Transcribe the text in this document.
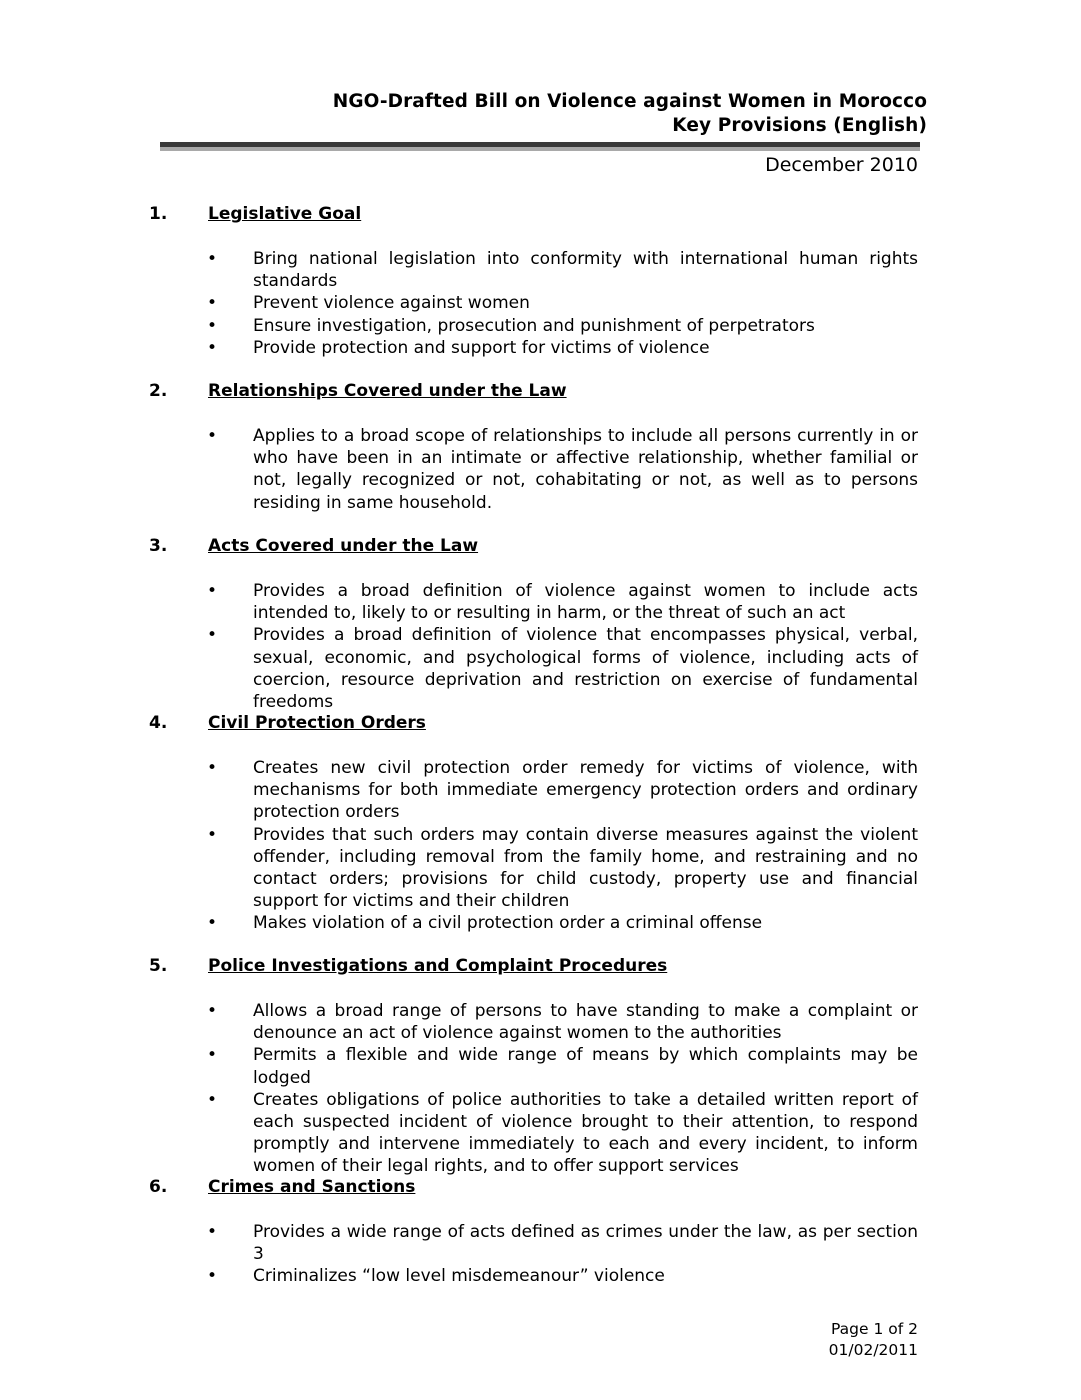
NGO-Drafted Bill on Violence against Women in Morocco
Key Provisions (English)
December 2010
1. Legislative Goal
• Bring national legislation into conformity with international human rights standards
• Prevent violence against women
• Ensure investigation, prosecution and punishment of perpetrators
• Provide protection and support for victims of violence
2. Relationships Covered under the Law
• Applies to a broad scope of relationships to include all persons currently in or who have been in an intimate or affective relationship, whether familial or not, legally recognized or not, cohabitating or not, as well as to persons residing in same household.
3. Acts Covered under the Law
• Provides a broad definition of violence against women to include acts intended to, likely to or resulting in harm, or the threat of such an act
• Provides a broad definition of violence that encompasses physical, verbal, sexual, economic, and psychological forms of violence, including acts of coercion, resource deprivation and restriction on exercise of fundamental freedoms
4. Civil Protection Orders
• Creates new civil protection order remedy for victims of violence, with mechanisms for both immediate emergency protection orders and ordinary protection orders
• Provides that such orders may contain diverse measures against the violent offender, including removal from the family home, and restraining and no contact orders; provisions for child custody, property use and financial support for victims and their children
• Makes violation of a civil protection order a criminal offense
5. Police Investigations and Complaint Procedures
• Allows a broad range of persons to have standing to make a complaint or denounce an act of violence against women to the authorities
• Permits a flexible and wide range of means by which complaints may be lodged
• Creates obligations of police authorities to take a detailed written report of each suspected incident of violence brought to their attention, to respond promptly and intervene immediately to each and every incident, to inform women of their legal rights, and to offer support services
6. Crimes and Sanctions
• Provides a wide range of acts defined as crimes under the law, as per section 3
• Criminalizes “low level misdemeanour” violence
Page 1 of 2
01/02/2011
